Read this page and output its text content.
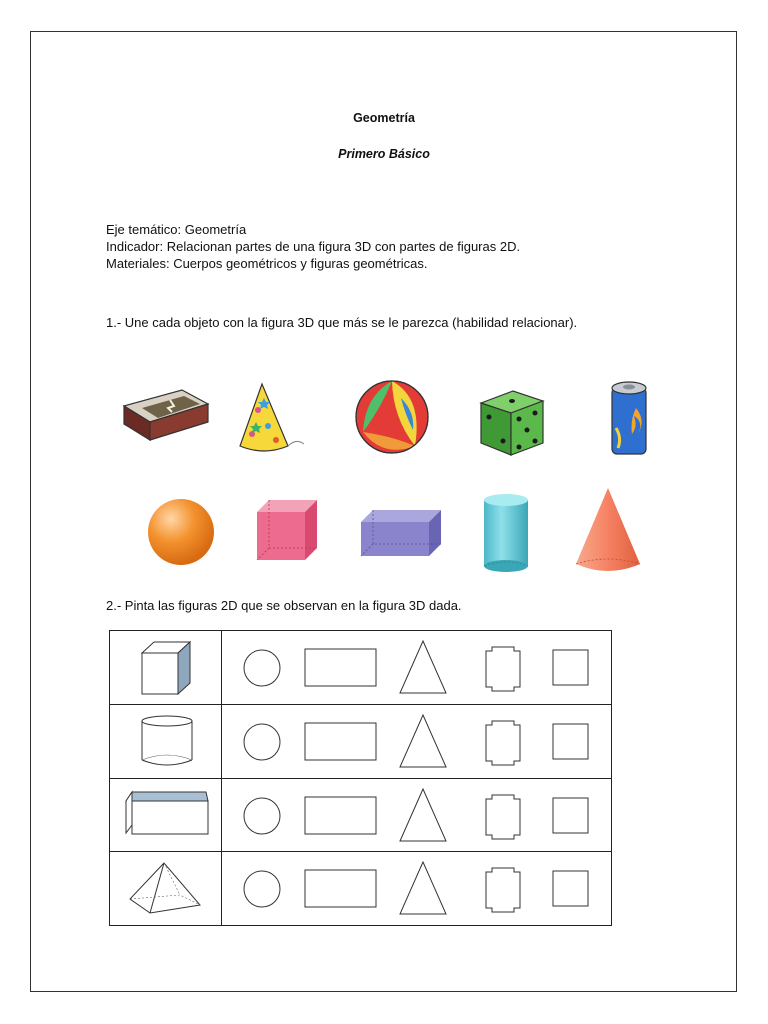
Geometría
Primero Básico
Eje temático: Geometría
Indicador: Relacionan partes de una figura 3D con partes de figuras 2D.
Materiales: Cuerpos geométricos y figuras geométricas.
1.- Une cada objeto con la figura 3D que más se le parezca (habilidad relacionar).
2.- Pinta las figuras 2D que se observan en la figura 3D dada.
